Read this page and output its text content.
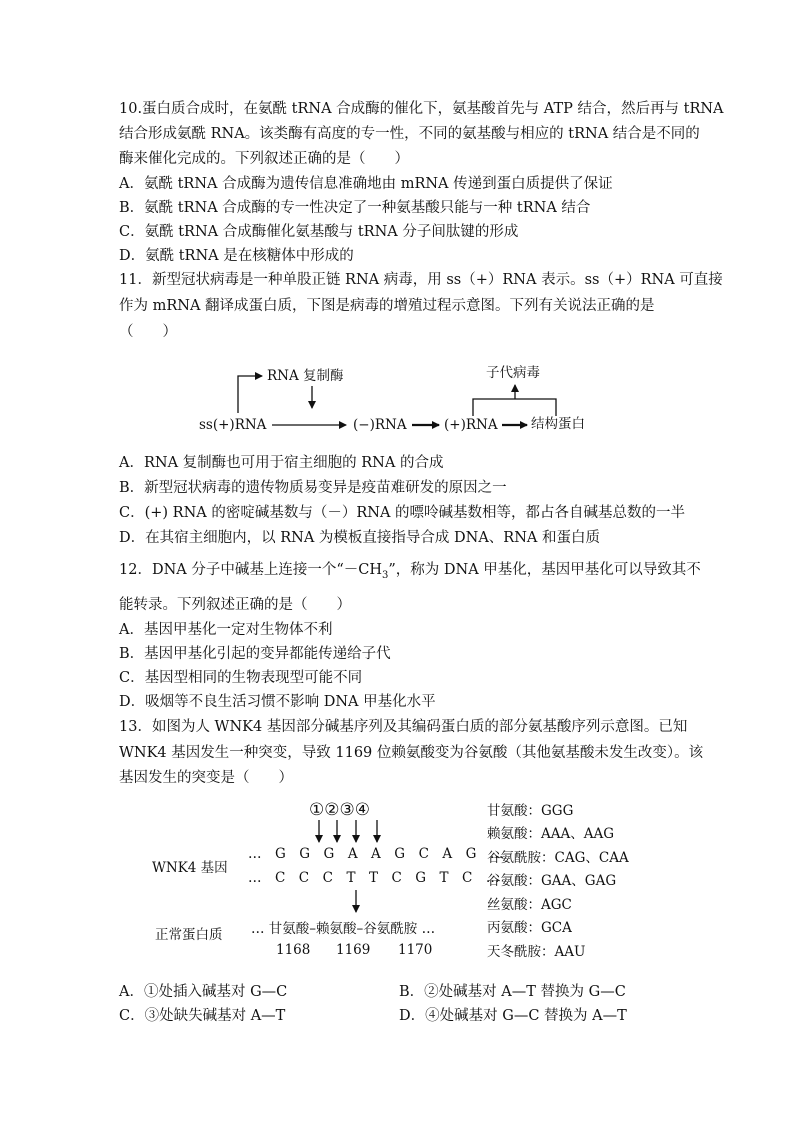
10.蛋白质合成时，在氨酰 tRNA 合成酶的催化下，氨基酸首先与 ATP 结合，然后再与 tRNA
结合形成氨酰 RNA。该类酶有高度的专一性，不同的氨基酸与相应的 tRNA 结合是不同的
酶来催化完成的。下列叙述正确的是（　　）
A．氨酰 tRNA 合成酶为遗传信息准确地由 mRNA 传递到蛋白质提供了保证
B．氨酰 tRNA 合成酶的专一性决定了一种氨基酸只能与一种 tRNA 结合
C．氨酰 tRNA 合成酶催化氨基酸与 tRNA 分子间肽键的形成
D．氨酰 tRNA 是在核糖体中形成的
11．新型冠状病毒是一种单股正链 RNA 病毒，用 ss（+）RNA 表示。ss（+）RNA 可直接
作为 mRNA 翻译成蛋白质，下图是病毒的增殖过程示意图。下列有关说法正确的是
（　　）
RNA 复制酶
ss(+)RNA	(−)RNA	(+)RNA 结构蛋白
子代病毒
A．RNA 复制酶也可用于宿主细胞的 RNA 的合成
B．新型冠状病毒的遗传物质易变异是疫苗难研发的原因之一
C．(+) RNA 的密啶碱基数与（－）RNA 的嘌呤碱基数相等，都占各自碱基总数的一半
D．在其宿主细胞内，以 RNA 为模板直接指导合成 DNA、RNA 和蛋白质
12．DNA 分子中碱基上连接一个“$-CH_3$”，称为 DNA 甲基化，基因甲基化可以导致其不
能转录。下列叙述正确的是（　　）
A．基因甲基化一定对生物体不利
B．基因甲基化引起的变异都能传递给子代
C．基因型相同的生物表现型可能不同
D．吸烟等不良生活习惯不影响 DNA 甲基化水平
13．如图为人 WNK4 基因部分碱基序列及其编码蛋白质的部分氨基酸序列示意图。已知
WNK4 基因发生一种突变，导致 1169 位赖氨酸变为谷氨酸（其他氨基酸未发生改变）。该
基因发生的突变是（　　）
①②③④
WNK4 基因
… G G G A A G C A G …
… C C C T T C G T C …
正常蛋白质 … 甘氨酸–赖氨酸–谷氨酰胺 …
1168 1169 1170
甘氨酸：GGG
赖氨酸：AAA、AAG
谷氨酰胺：CAG、CAA
谷氨酸：GAA、GAG
丝氨酸：AGC
丙氨酸：GCA
天冬酰胺：AAU
A．①处插入碱基对 G—C	B．②处碱基对 A—T 替换为 G—C
C．③处缺失碱基对 A—T	D．④处碱基对 G—C 替换为 A—T
